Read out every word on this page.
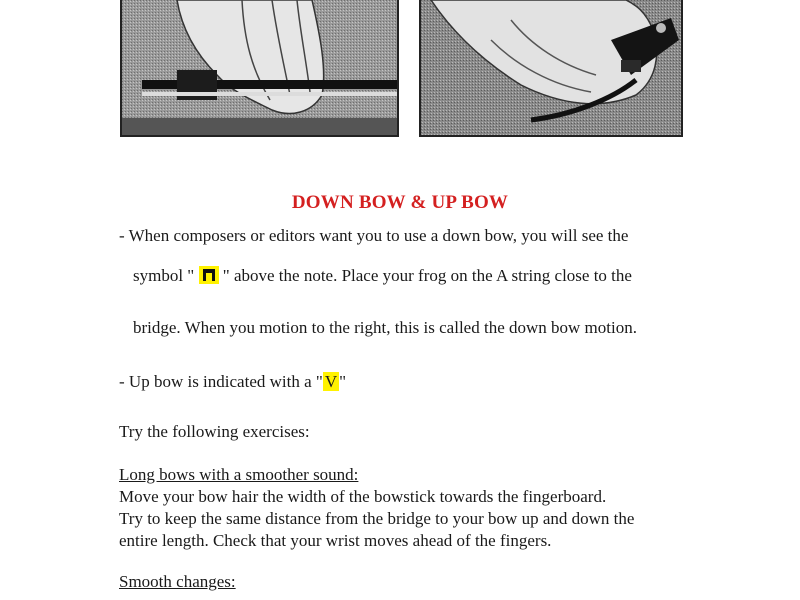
DOWN BOW & UP BOW
- When composers or editors want you to use a down bow, you will see the
symbol "
" above the note. Place your frog on the A string close to the
bridge. When you motion to the right, this is called the down bow motion.
- Up bow is indicated with a " V "
Try the following exercises:
Long bows with a smoother sound:
Move your bow hair the width of the bowstick towards the fingerboard.
Try to keep the same distance from the bridge to your bow up and down the
entire length. Check that your wrist moves ahead of the fingers.
Smooth changes:
